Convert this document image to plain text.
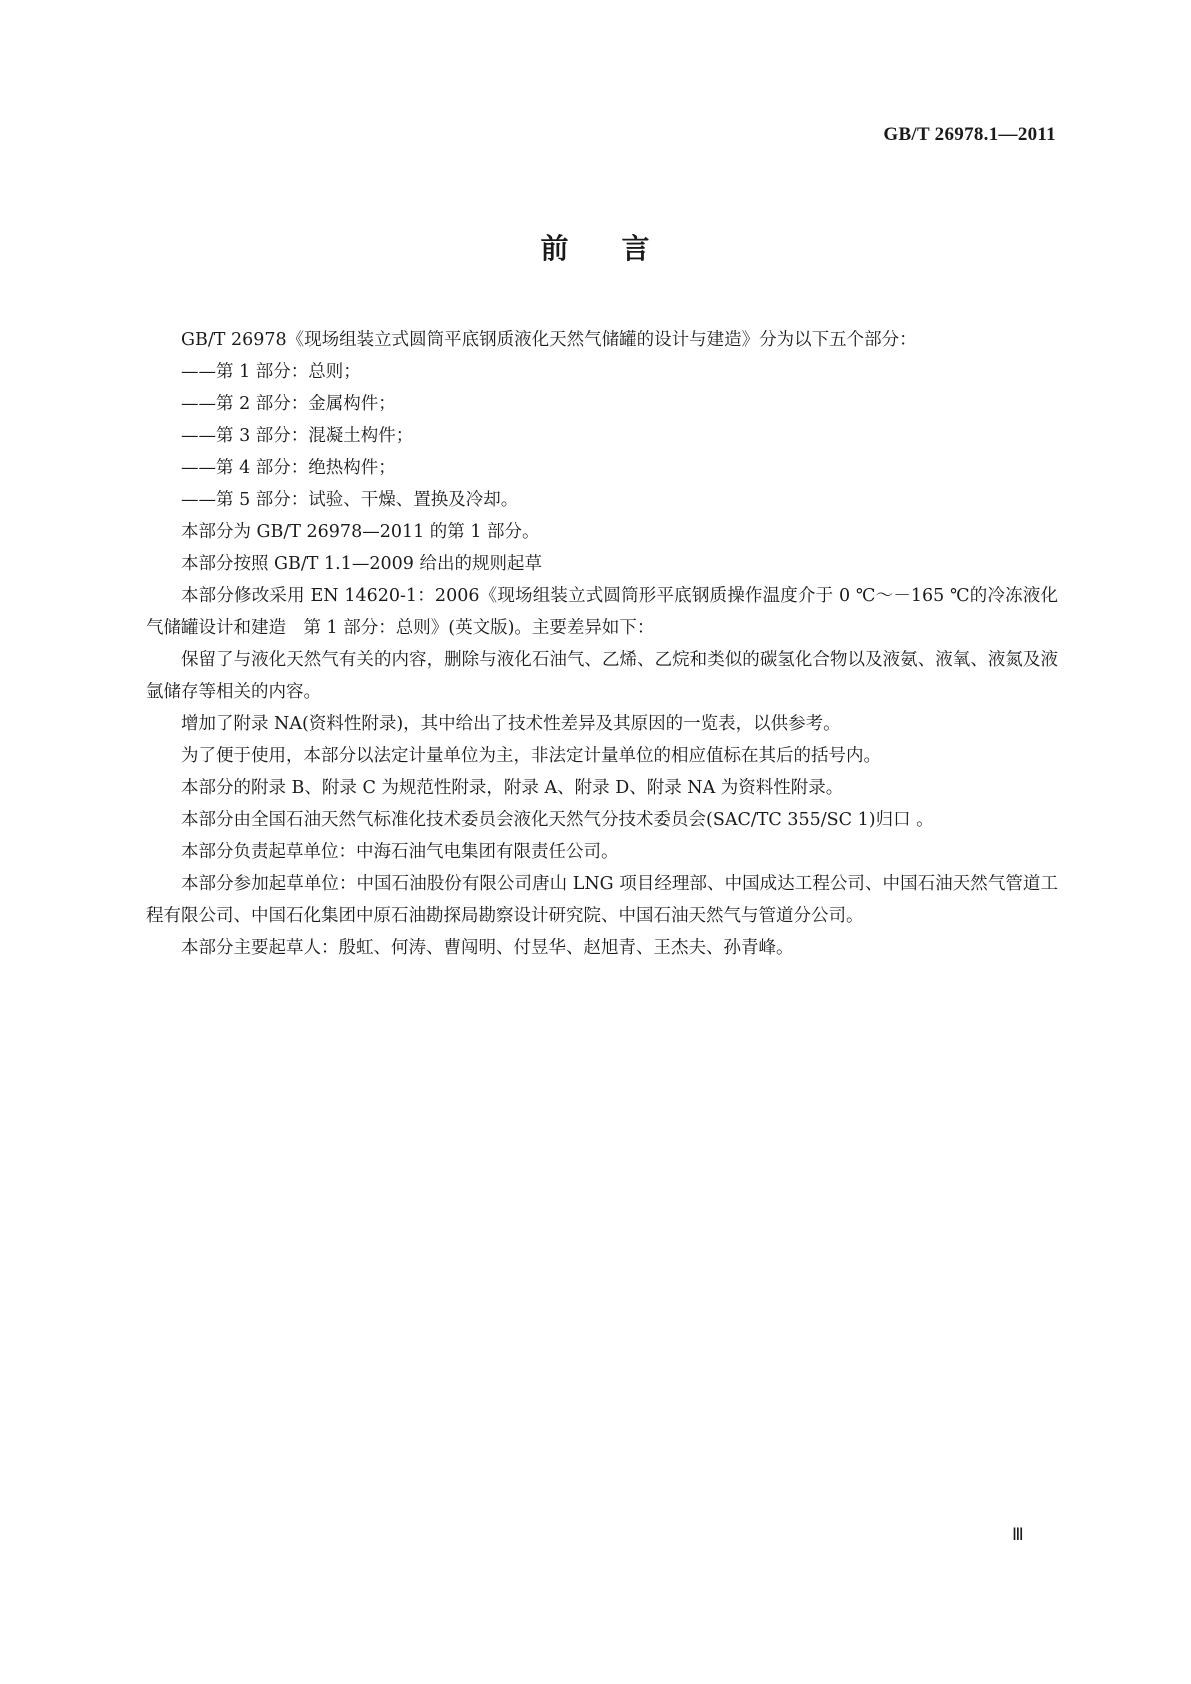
GB/T 26978.1—2011
前 言

GB/T 26978《现场组装立式圆筒平底钢质液化天然气储罐的设计与建造》分为以下五个部分：

——第 1 部分：总则；

——第 2 部分：金属构件；

——第 3 部分：混凝土构件；

——第 4 部分：绝热构件；

——第 5 部分：试验、干燥、置换及冷却。

本部分为 GB/T 26978—2011 的第 1 部分。

本部分按照 GB/T 1.1—2009 给出的规则起草

本部分修改采用 EN 14620-1：2006《现场组装立式圆筒形平底钢质操作温度介于 0 ℃～－165 ℃的冷冻液化气储罐设计和建造　第 1 部分：总则》(英文版)。主要差异如下：

保留了与液化天然气有关的内容，删除与液化石油气、乙烯、乙烷和类似的碳氢化合物以及液氨、液氧、液氮及液氩储存等相关的内容。

增加了附录 NA(资料性附录)，其中给出了技术性差异及其原因的一览表，以供参考。

为了便于使用，本部分以法定计量单位为主，非法定计量单位的相应值标在其后的括号内。

本部分的附录 B、附录 C 为规范性附录，附录 A、附录 D、附录 NA 为资料性附录。

本部分由全国石油天然气标准化技术委员会液化天然气分技术委员会(SAC/TC 355/SC 1)归口 。

本部分负责起草单位：中海石油气电集团有限责任公司。

本部分参加起草单位：中国石油股份有限公司唐山 LNG 项目经理部、中国成达工程公司、中国石油天然气管道工程有限公司、中国石化集团中原石油勘探局勘察设计研究院、中国石油天然气与管道分公司。

本部分主要起草人：殷虹、何涛、曹闯明、付昱华、赵旭青、王杰夫、孙青峰。

Ⅲ
